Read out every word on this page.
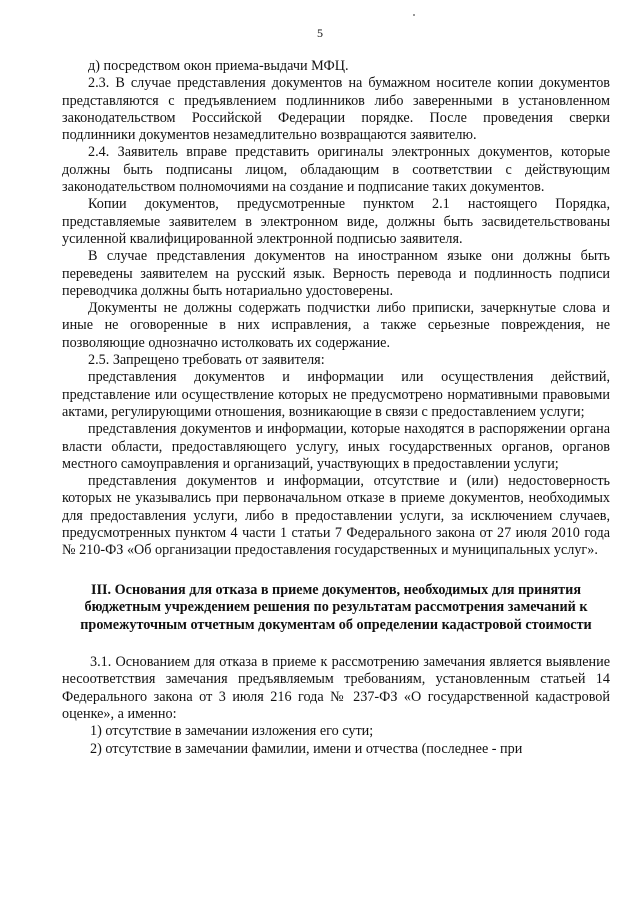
5

д) посредством окон приема-выдачи МФЦ.

2.3. В случае представления документов на бумажном носителе копии документов представляются с предъявлением подлинников либо заверенными в установленном законодательством Российской Федерации порядке. После проведения сверки подлинники документов незамедлительно возвращаются заявителю.

2.4. Заявитель вправе представить оригиналы электронных документов, которые должны быть подписаны лицом, обладающим в соответствии с действующим законодательством полномочиями на создание и подписание таких документов.

Копии документов, предусмотренные пунктом 2.1 настоящего Порядка, представляемые заявителем в электронном виде, должны быть засвидетельствованы усиленной квалифицированной электронной подписью заявителя.

В случае представления документов на иностранном языке они должны быть переведены заявителем на русский язык. Верность перевода и подлинность подписи переводчика должны быть нотариально удостоверены.

Документы не должны содержать подчистки либо приписки, зачеркнутые слова и иные не оговоренные в них исправления, а также серьезные повреждения, не позволяющие однозначно истолковать их содержание.

2.5. Запрещено требовать от заявителя:

представления документов и информации или осуществления действий, представление или осуществление которых не предусмотрено нормативными правовыми актами, регулирующими отношения, возникающие в связи с предоставлением услуги;

представления документов и информации, которые находятся в распоряжении органа власти области, предоставляющего услугу, иных государственных органов, органов местного самоуправления и организаций, участвующих в предоставлении услуги;

представления документов и информации, отсутствие и (или) недостоверность которых не указывались при первоначальном отказе в приеме документов, необходимых для предоставления услуги, либо в предоставлении услуги, за исключением случаев, предусмотренных пунктом 4 части 1 статьи 7 Федерального закона от 27 июля 2010 года № 210-ФЗ «Об организации предоставления государственных и муниципальных услуг».

III. Основания для отказа в приеме документов, необходимых для принятия бюджетным учреждением решения по результатам рассмотрения замечаний к промежуточным отчетным документам об определении кадастровой стоимости

3.1. Основанием для отказа в приеме к рассмотрению замечания является выявление несоответствия замечания предъявляемым требованиям, установленным статьей 14 Федерального закона от 3 июля 216 года № 237-ФЗ «О государственной кадастровой оценке», а именно:

1) отсутствие в замечании изложения его сути;

2) отсутствие в замечании фамилии, имени и отчества (последнее - при
